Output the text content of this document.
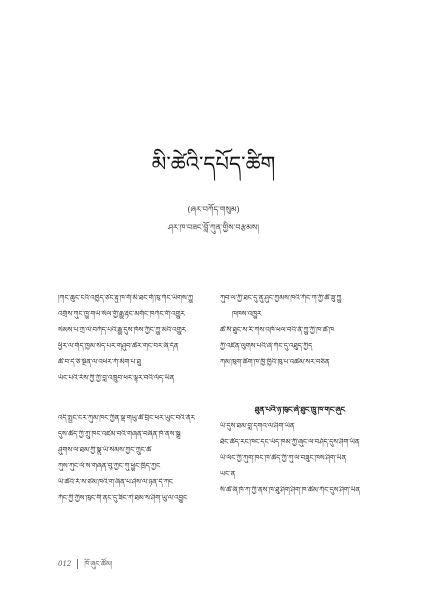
མི་ཚེའི་དཔོད་ཚིག
(ཞར་བཀོད་གསུམ)
ཤར་ཁ་བཟང་བློ་ཀུན་གྱིས་བརྩམས།
།ཀང་ཆུང་ངའི་འཁྱེད་ཙང་རྟུ་ཁ་གོ་མི་ཐང་གོ་ཁུ་ཀོང་ཡིགས་ཀྱུ
འགྲོས་ཀུང་ཁྱུ་གཡོ་སོལ་གྱི་རྒྱུ་རྟེང་མགོང་ཁཀོང་གི་འགྱུར
སེམས་པ་ཀྲ་ལེ་བཀོད་པའི་རྒྱུ་དུས་ཁོས་ཀྱིང་ཀྱུ་མའི་འགྱུར
ཕྱིར་ལ་གོད་ཁྱམ་སེད་པར་གཤུབ་ཚེར་གང་བར་ཞི་དོན
ཚོ་བ་དེ་ཅི་སྔོན་ལ་འཕེར་ཀོ་མིག་པ་ཐུ
ཡོང་པའི་རོས་ཀྱི་ཀྱི་བླ་འཁྲུབ་ཕར་ལྟར་བའི་ལོད་ཡིན
འདི་སྤྱང་ངར་ཀུམ་ཁང་ཀྱིན་ལྡ་གཡུ་ཚོ་བྲིང་ཕར་ཡུང་བའི་ནོར
དུས་ཚོད་ཀྱི་ཀྲུ་ཁང་འཛམ་བའི་གཞན་བཞིན་ཁོ་ནས་སྒྲ
ཤུགས་ལ་ཐམ་ཀྱི་སྣུ་ཡི་སེམས་ཀྱང་ཀྲུང་ཚོ
ཀུས་ཀུང་ལོ་ས་གཞན་བུ་ཀྱང་ཀུ་ཕྱུང་ཁྲིད་ཀྱང
ཡི་ཚེའི་རོ་ས་ཙམ་ཁའི་ག་ཞིན་པ་ཤེས་ལ་ཉན་དེ་ཀང
ཀོང་ཀྱི་ཀྱིས་ཁུང་གི་ནང་དུ་ཟིང་ཀེ་ཐམ་ས་ཤིག་ཡུ་ལ་འབྱུང
ཀུབ་ལ་ཀྱི་ཐང་དུ་ནུ་ཤུང་ཀྱམས་ཁའི་ཀོང་ཀ་ཀྱི་ཚོ་ཟུ་ཀྱུ
ཁཁས་འཁྱུར
ཚེ་སི་ཐུང་ས་རི་ཀེས་འཁོ་ཕལ་བའི་ནོ་ཀྱུ་ཀྱི་ཁ་ཚེ་ཁ
ཀྱི་འཛིན་ལུགས་པའི་ཞེ་ཀོང་དུ་འཐུད་ཀྱིད
ཀམ་ཁུག་ཚིག་ཁ་ཁྱི་ཁྱིའི་ཁུ་པ་འཚམ་སར་བཅིན
ཐུན་པའི་ཉ་ཁུང་ཞེ་ཐུང་ཁྲུ་ཁ་གང་ཞུང
ཡི་དུས་ཐམ་བླ་དགའ་ལ་ཤིག་ཡིན
ཐོང་ཚོད་རང་ཁང་དང་ཡོད་ཁམ་ཀྱི་ཞུང་ལ་བཤོད་དུས་ཤིག་ཡིན
ཡི་ལོང་ཀྱི་ཀུག་ཁང་ཁ་ཚོད་ཀྱི་ཀུ་ལ་བཟུང་ཁས་ཤིག་ཡིན
ཡང་ན
སི་ཚེ་ཞི་ཁོ་ཀ་ཀྱི་ནས་ཁ་ཐུ་ཤིག་ཤིག་ཁ་ཚོམ་ཀོང་དུས་ཤིག་ཡིན
012 ཁོ་ཞུང་ཚོམ།
